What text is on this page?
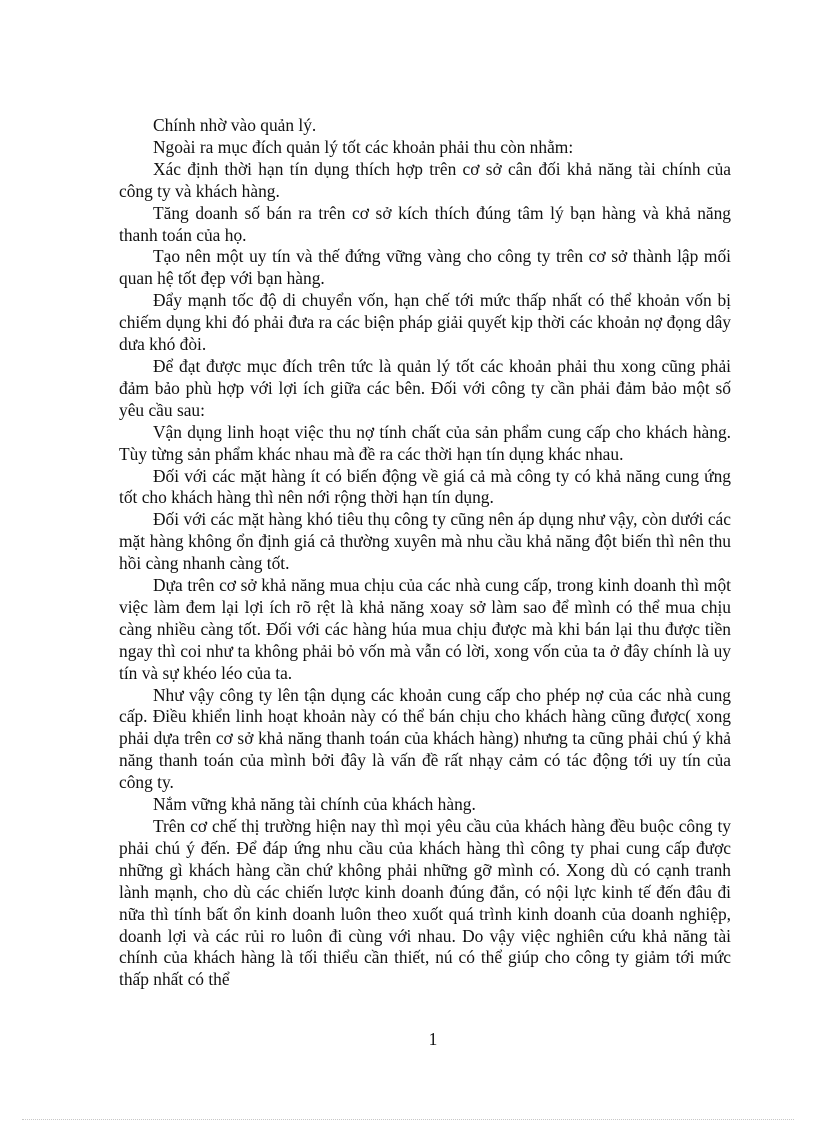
Chính nhờ vào quản lý.

Ngoài ra mục đích quản lý tốt các khoản phải thu còn nhằm:

Xác định thời hạn tín dụng thích hợp trên cơ sở cân đối khả năng tài chính của công ty và khách hàng.

Tăng doanh số bán ra trên cơ sở kích thích đúng tâm lý bạn hàng và khả năng thanh toán của họ.

Tạo nên một uy tín và thế đứng vững vàng cho công ty trên cơ sở thành lập mối quan hệ tốt đẹp với bạn hàng.

Đẩy mạnh tốc độ di chuyển vốn, hạn chế tới mức thấp nhất có thể khoản vốn bị chiếm dụng khi đó phải đưa ra các biện pháp giải quyết kịp thời các khoản nợ đọng dây dưa khó đòi.

Để đạt được mục đích trên tức là quản lý tốt các khoản phải thu xong cũng phải đảm bảo phù hợp với lợi ích giữa các bên. Đối với công ty cần phải đảm bảo một số yêu cầu sau:

Vận dụng linh hoạt việc thu nợ tính chất của sản phẩm cung cấp cho khách hàng. Tùy từng sản phẩm khác nhau mà đề ra các thời hạn tín dụng khác nhau.

Đối với các mặt hàng ít có biến động về giá cả mà công ty có khả năng cung ứng tốt cho khách hàng thì nên nới rộng thời hạn tín dụng.

Đối với các mặt hàng khó tiêu thụ công ty cũng nên áp dụng như vậy, còn dưới các mặt hàng không ổn định giá cả thường xuyên mà nhu cầu khả năng đột biến thì nên thu hồi càng nhanh càng tốt.

Dựa trên cơ sở khả năng mua chịu của các nhà cung cấp, trong kinh doanh thì một việc làm đem lại lợi ích rõ rệt là khả năng xoay sở làm sao để mình có thể mua chịu càng nhiều càng tốt. Đối với các hàng húa mua chịu được mà khi bán lại thu được tiền ngay thì coi như ta không phải bỏ vốn mà vẫn có lời, xong vốn của ta ở đây chính là uy tín và sự khéo léo của ta.

Như vậy công ty lên tận dụng các khoản cung cấp cho phép nợ của các nhà cung cấp. Điều khiển linh hoạt khoản này có thể bán chịu cho khách hàng cũng được( xong phải dựa trên cơ sở khả năng thanh toán của khách hàng) nhưng ta cũng phải chú ý khả năng thanh toán của mình bởi đây là vấn đề rất nhạy cảm có tác động tới uy tín của công ty.

Nắm vững khả năng tài chính của khách hàng.

Trên cơ chế thị trường hiện nay thì mọi yêu cầu của khách hàng đều buộc công ty phải chú ý đến. Để đáp ứng nhu cầu của khách hàng thì công ty phai cung cấp được những gì khách hàng cần chứ không phải những gỡ mình có. Xong dù có cạnh tranh lành mạnh, cho dù các chiến lược kinh doanh đúng đắn, có nội lực kinh tế đến đâu đi nữa thì tính bất ổn kinh doanh luôn theo xuốt quá trình kinh doanh của doanh nghiệp, doanh lợi và các rủi ro luôn đi cùng với nhau. Do vậy việc nghiên cứu khả năng tài chính của khách hàng là tối thiểu cần thiết, nú có thể giúp cho công ty giảm tới mức thấp nhất có thể

1
